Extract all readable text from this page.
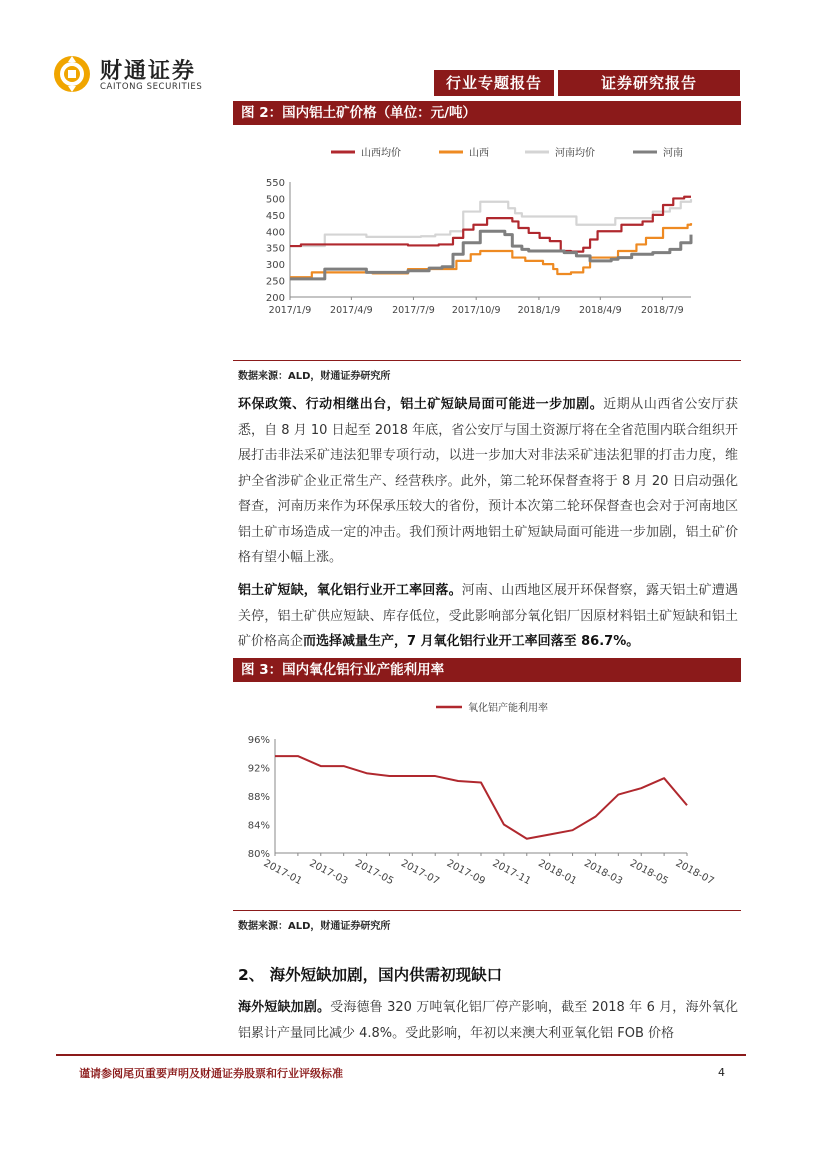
财通证券
CAITONG SECURITIES	行业专题报告	证券研究报告
图 2：国内铝土矿价格（单位：元/吨）
200
250
300
350
400
450
500
550
2017/1/9 2017/4/9 2017/7/9 2017/10/9 2018/1/9 2018/4/9 2018/7/9
山西均价	山西	河南均价	河南
数据来源：ALD，财通证券研究所
环保政策、行动相继出台，铝土矿短缺局面可能进一步加剧。近期从山西省公安厅获悉，自 8 月 10 日起至 2018 年底，省公安厅与国土资源厅将在全省范围内联合组织开展打击非法采矿违法犯罪专项行动，以进一步加大对非法采矿违法犯罪的打击力度，维护全省涉矿企业正常生产、经营秩序。此外，第二轮环保督查将于 8 月 20 日启动强化督查，河南历来作为环保承压较大的省份，预计本次第二轮环保督查也会对于河南地区铝土矿市场造成一定的冲击。我们预计两地铝土矿短缺局面可能进一步加剧，铝土矿价格有望小幅上涨。
铝土矿短缺，氧化铝行业开工率回落。河南、山西地区展开环保督察，露天铝土矿遭遇关停，铝土矿供应短缺、库存低位，受此影响部分氧化铝厂因原材料铝土矿短缺和铝土矿价格高企而选择减量生产，7 月氧化铝行业开工率回落至 86.7%。
图 3：国内氧化铝行业产能利用率
80%
84%
88%
92%
96%
2017-01 2017-03 2017-05 2017-07 2017-09 2017-11 2018-01 2018-03 2018-05 2018-07
氧化铝产能利用率
数据来源：ALD，财通证券研究所
2、 海外短缺加剧，国内供需初现缺口
海外短缺加剧。受海德鲁 320 万吨氧化铝厂停产影响，截至 2018 年 6 月，海外氧化铝累计产量同比减少 4.8%。受此影响，年初以来澳大利亚氧化铝 FOB 价格
谨请参阅尾页重要声明及财通证券股票和行业评级标准	4
